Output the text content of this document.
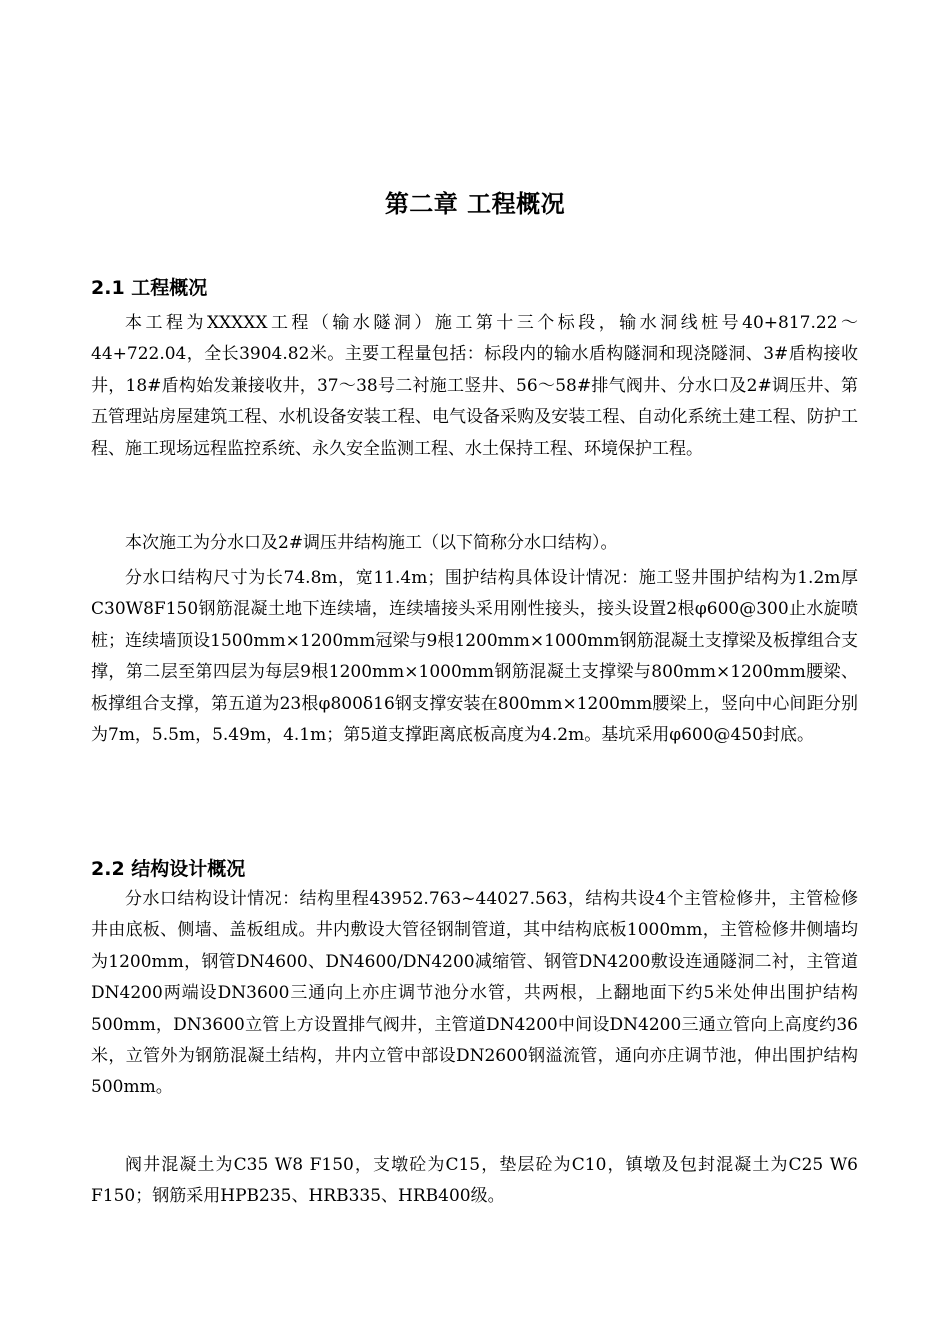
第二章 工程概况
2.1 工程概况

本工程为XXXXX工程（输水隧洞）施工第十三个标段，输水洞线桩号40+817.22～44+722.04，全长3904.82米。主要工程量包括：标段内的输水盾构隧洞和现浇隧洞、3#盾构接收井，18#盾构始发兼接收井，37～38号二衬施工竖井、56～58#排气阀井、分水口及2#调压井、第五管理站房屋建筑工程、水机设备安装工程、电气设备采购及安装工程、自动化系统土建工程、防护工程、施工现场远程监控系统、永久安全监测工程、水土保持工程、环境保护工程。

本次施工为分水口及2#调压井结构施工（以下简称分水口结构）。

分水口结构尺寸为长74.8m，宽11.4m；围护结构具体设计情况：施工竖井围护结构为1.2m厚C30W8F150钢筋混凝土地下连续墙，连续墙接头采用刚性接头，接头设置2根φ600@300止水旋喷桩；连续墙顶设1500mm×1200mm冠梁与9根1200mm×1000mm钢筋混凝土支撑梁及板撑组合支撑，第二层至第四层为每层9根1200mm×1000mm钢筋混凝土支撑梁与800mm×1200mm腰梁、板撑组合支撑，第五道为23根φ800δ16钢支撑安装在800mm×1200mm腰梁上，竖向中心间距分别为7m，5.5m，5.49m，4.1m；第5道支撑距离底板高度为4.2m。基坑采用φ600@450封底。

2.2 结构设计概况

分水口结构设计情况：结构里程43952.763~44027.563，结构共设4个主管检修井，主管检修井由底板、侧墙、盖板组成。井内敷设大管径钢制管道，其中结构底板1000mm，主管检修井侧墙均为1200mm，钢管DN4600、DN4600/DN4200减缩管、钢管DN4200敷设连通隧洞二衬，主管道DN4200两端设DN3600三通向上亦庄调节池分水管，共两根，上翻地面下约5米处伸出围护结构500mm，DN3600立管上方设置排气阀井，主管道DN4200中间设DN4200三通立管向上高度约36米，立管外为钢筋混凝土结构，井内立管中部设DN2600钢溢流管，通向亦庄调节池，伸出围护结构500mm。

阀井混凝土为C35 W8 F150，支墩砼为C15，垫层砼为C10，镇墩及包封混凝土为C25 W6 F150；钢筋采用HPB235、HRB335、HRB400级。
